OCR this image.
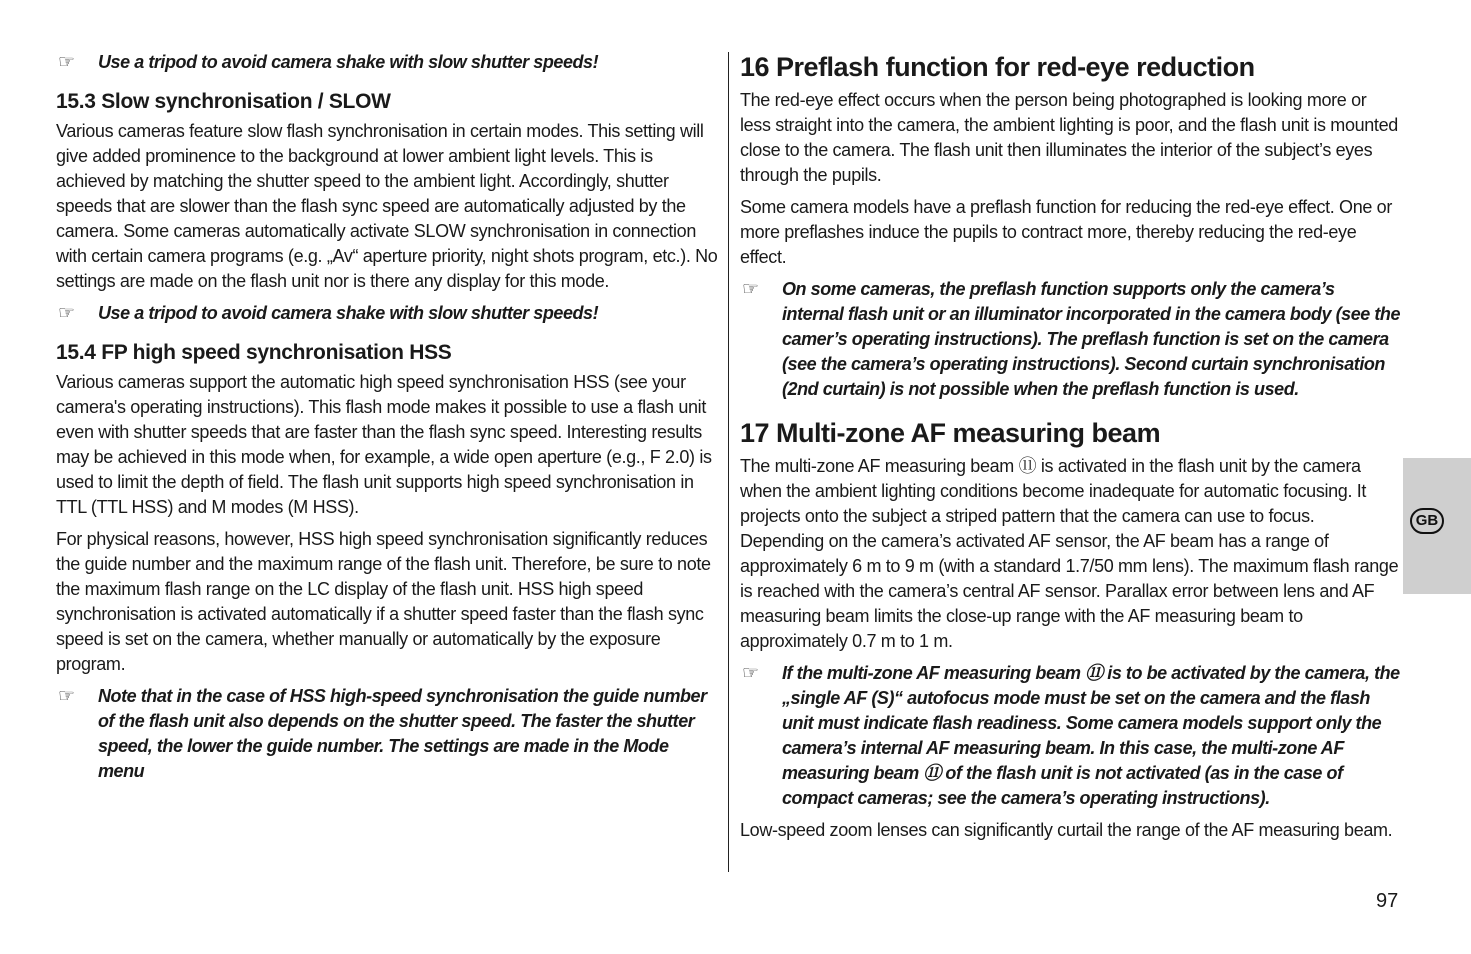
☞	Use a tripod to avoid camera shake with slow shutter speeds!
15.3 Slow synchronisation / SLOW

Various cameras feature slow flash synchronisation in certain modes. This setting will give added prominence to the background at lower ambient light levels. This is achieved by matching the shutter speed to the ambient light. Accordingly, shutter speeds that are slower than the flash sync speed are automatically adjusted by the camera. Some cameras automatically activate SLOW synchronisation in connection with certain camera programs (e.g. „Av“ aperture priority, night shots program, etc.). No settings are made on the flash unit nor is there any display for this mode.

☞	Use a tripod to avoid camera shake with slow shutter speeds!
15.4 FP high speed synchronisation HSS

Various cameras support the automatic high speed synchronisation HSS (see your camera's operating instructions). This flash mode makes it possible to use a flash unit even with shutter speeds that are faster than the flash sync speed. Interesting results may be achieved in this mode when, for example, a wide open aperture (e.g., F 2.0) is used to limit the depth of field. The flash unit supports high speed synchronisation in TTL (TTL HSS) and M modes (M HSS).

For physical reasons, however, HSS high speed synchronisation significantly reduces the guide number and the maximum range of the flash unit. Therefore, be sure to note the maximum flash range on the LC display of the flash unit. HSS high speed synchronisation is activated automatically if a shutter speed faster than the flash sync speed is set on the camera, whether manually or automatically by the exposure program.

☞	Note that in the case of HSS high-speed synchronisation the guide number of the flash unit also depends on the shutter speed. The faster the shutter speed, the lower the guide number. The settings are made in the Mode menu
16 Preflash function for red-eye reduction

The red-eye effect occurs when the person being photographed is looking more or less straight into the camera, the ambient lighting is poor, and the flash unit is mounted close to the camera. The flash unit then illuminates the interior of the subject’s eyes through the pupils.

Some camera models have a preflash function for reducing the red-eye effect. One or more preflashes induce the pupils to contract more, thereby reducing the red-eye effect.

☞	On some cameras, the preflash function supports only the camera’s internal flash unit or an illuminator incorporated in the camera body (see the camer’s operating instructions). The preflash function is set on the camera (see the camera’s operating instructions). Second curtain synchronisation (2nd curtain) is not possible when the preflash function is used.
17 Multi-zone AF measuring beam

The multi-zone AF measuring beam ⑪ is activated in the flash unit by the camera when the ambient lighting conditions become inadequate for automatic focusing. It projects onto the subject a striped pattern that the camera can use to focus. Depending on the camera’s activated AF sensor, the AF beam has a range of approximately 6 m to 9 m (with a standard 1.7/50 mm lens). The maximum flash range is reached with the camera’s central AF sensor. Parallax error between lens and AF measuring beam limits the close-up range with the AF measuring beam to approximately 0.7 m to 1 m.

☞	If the multi-zone AF measuring beam ⑪ is to be activated by the camera, the „single AF (S)“ autofocus mode must be set on the camera and the flash unit must indicate flash readiness. Some camera models support only the camera’s internal AF measuring beam. In this case, the multi-zone AF measuring beam ⑪ of the flash unit is not activated (as in the case of compact cameras; see the camera’s operating instructions).

Low-speed zoom lenses can significantly curtail the range of the AF measuring beam.

GB
97
